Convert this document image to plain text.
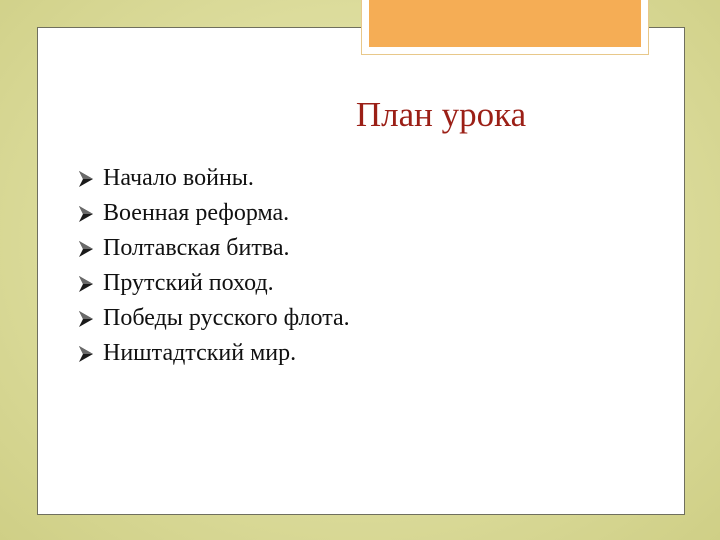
План урока
Начало войны.
Военная реформа.
Полтавская битва.
Прутский поход.
Победы русского флота.
Ништадтский мир.
